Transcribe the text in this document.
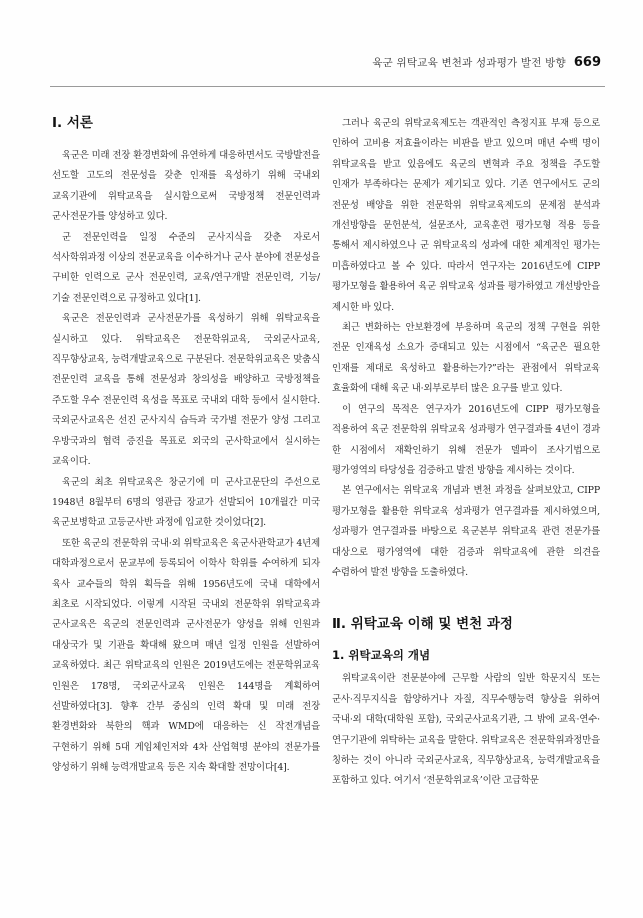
육군 위탁교육 변천과 성과평가 발전 방향 669
Ⅰ. 서론

육군은 미래 전장 환경변화에 유연하게 대응하면서도 국방발전을 선도할 고도의 전문성을 갖춘 인재를 육성하기 위해 국내외 교육기관에 위탁교육을 실시함으로써 국방정책 전문인력과 군사전문가를 양성하고 있다.

군 전문인력을 일정 수준의 군사지식을 갖춘 자로서 석사학위과정 이상의 전문교육을 이수하거나 군사 분야에 전문성을 구비한 인력으로 군사 전문인력, 교육/연구개발 전문인력, 기능/기술 전문인력으로 규정하고 있다[1].

육군은 전문인력과 군사전문가를 육성하기 위해 위탁교육을 실시하고 있다. 위탁교육은 전문학위교육, 국외군사교육, 직무향상교육, 능력개발교육으로 구분된다. 전문학위교육은 맞춤식 전문인력 교육을 통해 전문성과 창의성을 배양하고 국방정책을 주도할 우수 전문인력 육성을 목표로 국내외 대학 등에서 실시한다. 국외군사교육은 선진 군사지식 습득과 국가별 전문가 양성 그리고 우방국과의 협력 증진을 목표로 외국의 군사학교에서 실시하는 교육이다.

육군의 최초 위탁교육은 창군기에 미 군사고문단의 주선으로 1948년 8월부터 6명의 영관급 장교가 선발되어 10개월간 미국 육군보병학교 고등군사반 과정에 입교한 것이었다[2].

또한 육군의 전문학위 국내·외 위탁교육은 육군사관학교가 4년제 대학과정으로서 문교부에 등록되어 이학사 학위를 수여하게 되자 육사 교수들의 학위 획득을 위해 1956년도에 국내 대학에서 최초로 시작되었다. 이렇게 시작된 국내외 전문학위 위탁교육과 군사교육은 육군의 전문인력과 군사전문가 양성을 위해 인원과 대상국가 및 기관을 확대해 왔으며 매년 일정 인원을 선발하여 교육하였다. 최근 위탁교육의 인원은 2019년도에는 전문학위교육 인원은 178명, 국외군사교육 인원은 144명을 계획하여 선발하였다[3]. 향후 간부 중심의 인력 확대 및 미래 전장 환경변화와 북한의 핵과 WMD에 대응하는 신 작전개념을 구현하기 위해 5대 게임체인저와 4차 산업혁명 분야의 전문가를 양성하기 위해 능력개발교육 등은 지속 확대할 전망이다[4].

그러나 육군의 위탁교육제도는 객관적인 측정지표 부재 등으로 인하여 고비용 저효율이라는 비판을 받고 있으며 매년 수백 명이 위탁교육을 받고 있음에도 육군의 변혁과 주요 정책을 주도할 인재가 부족하다는 문제가 제기되고 있다. 기존 연구에서도 군의 전문성 배양을 위한 전문학위 위탁교육제도의 문제점 분석과 개선방향을 문헌분석, 설문조사, 교육훈련 평가모형 적용 등을 통해서 제시하였으나 군 위탁교육의 성과에 대한 체계적인 평가는 미흡하였다고 볼 수 있다. 따라서 연구자는 2016년도에 CIPP 평가모형을 활용하여 육군 위탁교육 성과를 평가하였고 개선방안을 제시한 바 있다.

최근 변화하는 안보환경에 부응하며 육군의 정책 구현을 위한 전문 인재육성 소요가 증대되고 있는 시점에서 “육군은 필요한 인재를 제대로 육성하고 활용하는가?”라는 관점에서 위탁교육 효율화에 대해 육군 내·외부로부터 많은 요구를 받고 있다.

이 연구의 목적은 연구자가 2016년도에 CIPP 평가모형을 적용하여 육군 전문학위 위탁교육 성과평가 연구결과를 4년이 경과 한 시점에서 재확인하기 위해 전문가 델파이 조사기법으로 평가영역의 타당성을 검증하고 발전 방향을 제시하는 것이다.

본 연구에서는 위탁교육 개념과 변천 과정을 살펴보았고, CIPP 평가모형을 활용한 위탁교육 성과평가 연구결과를 제시하였으며, 성과평가 연구결과를 바탕으로 육군본부 위탁교육 관련 전문가를 대상으로 평가영역에 대한 검증과 위탁교육에 관한 의견을 수렴하여 발전 방향을 도출하였다.

Ⅱ. 위탁교육 이해 및 변천 과정
1. 위탁교육의 개념

위탁교육이란 전문분야에 근무할 사람의 일반 학문지식 또는 군사·직무지식을 함양하거나 자질, 직무수행능력 향상을 위하여 국내·외 대학(대학원 포함), 국외군사교육기관, 그 밖에 교육·연수·연구기관에 위탁하는 교육을 말한다. 위탁교육은 전문학위과정만을 칭하는 것이 아니라 국외군사교육, 직무향상교육, 능력개발교육을 포함하고 있다. 여기서 ‘전문학위교육’이란 고급학문
